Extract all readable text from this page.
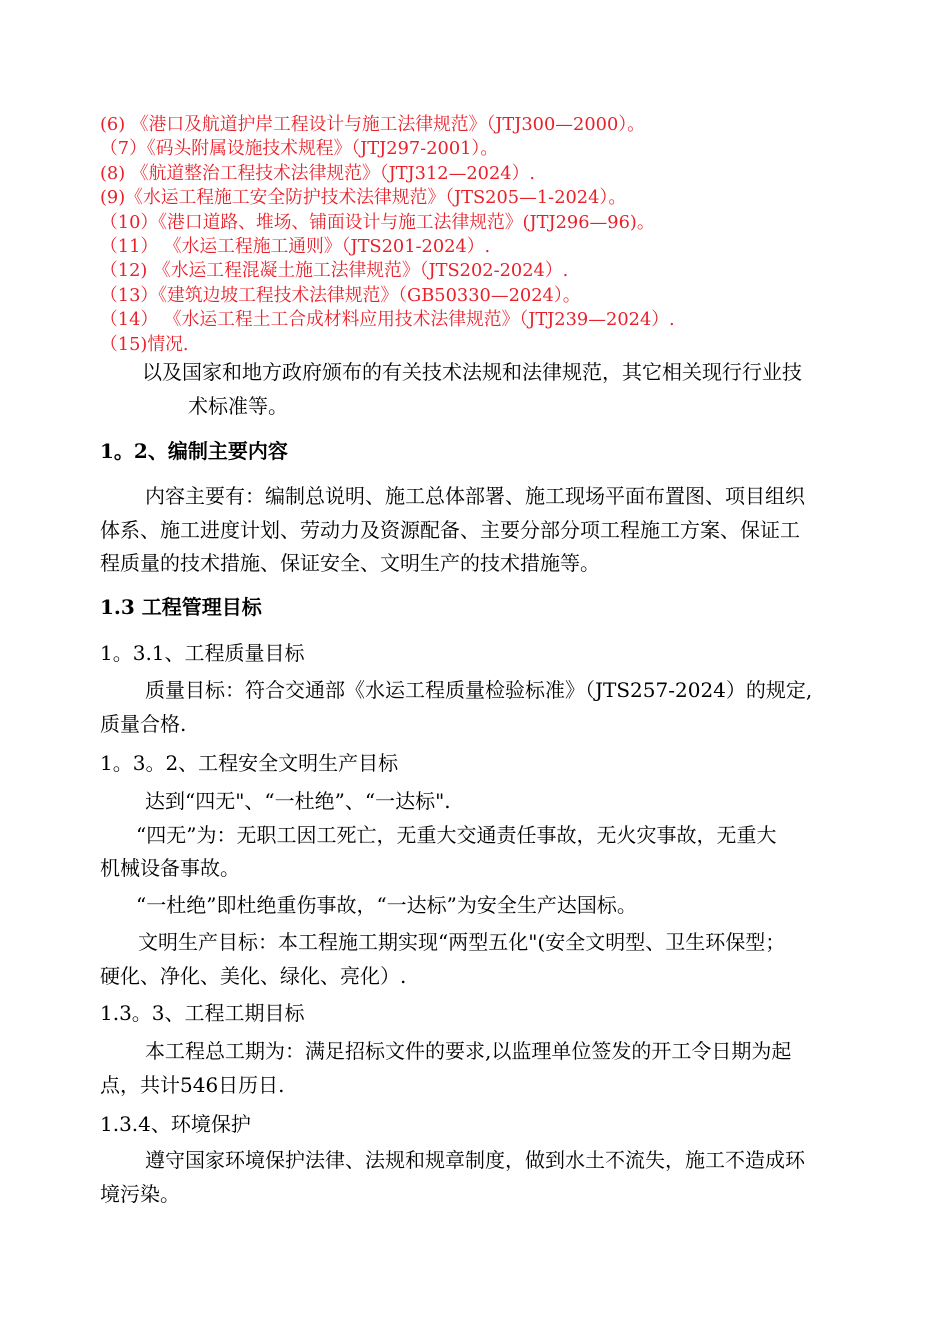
(6) 《港口及航道护岸工程设计与施工法律规范》（JTJ300—2000）。
（7）《码头附属设施技术规程》（JTJ297-2001）。
(8) 《航道整治工程技术法律规范》（JTJ312—2024）.
(9)《水运工程施工安全防护技术法律规范》（JTS205—1-2024）。
（10）《港口道路、堆场、铺面设计与施工法律规范》(JTJ296—96)。
（11） 《水运工程施工通则》（JTS201-2024）.
（12) 《水运工程混凝土施工法律规范》（JTS202-2024）.
（13）《建筑边坡工程技术法律规范》（GB50330—2024）。
（14） 《水运工程土工合成材料应用技术法律规范》（JTJ239—2024）.
（15)情况.
以及国家和地方政府颁布的有关技术法规和法律规范，其它相关现行行业技
术标准等。
1。2、编制主要内容
内容主要有：编制总说明、施工总体部署、施工现场平面布置图、项目组织
体系、施工进度计划、劳动力及资源配备、主要分部分项工程施工方案、保证工
程质量的技术措施、保证安全、文明生产的技术措施等。
1.3 工程管理目标
1。3.1、工程质量目标
质量目标：符合交通部《水运工程质量检验标准》（JTS257-2024）的规定,
质量合格.
1。3。2、工程安全文明生产目标
达到“四无"、“一杜绝”、“一达标".
“四无”为：无职工因工死亡，无重大交通责任事故，无火灾事故，无重大
机械设备事故。
“一杜绝”即杜绝重伤事故，“一达标”为安全生产达国标。
文明生产目标：本工程施工期实现“两型五化"(安全文明型、卫生环保型；
硬化、净化、美化、绿化、亮化）.
1.3。3、工程工期目标
本工程总工期为：满足招标文件的要求,以监理单位签发的开工令日期为起
点，共计546日历日.
1.3.4、环境保护
遵守国家环境保护法律、法规和规章制度，做到水土不流失，施工不造成环
境污染。
